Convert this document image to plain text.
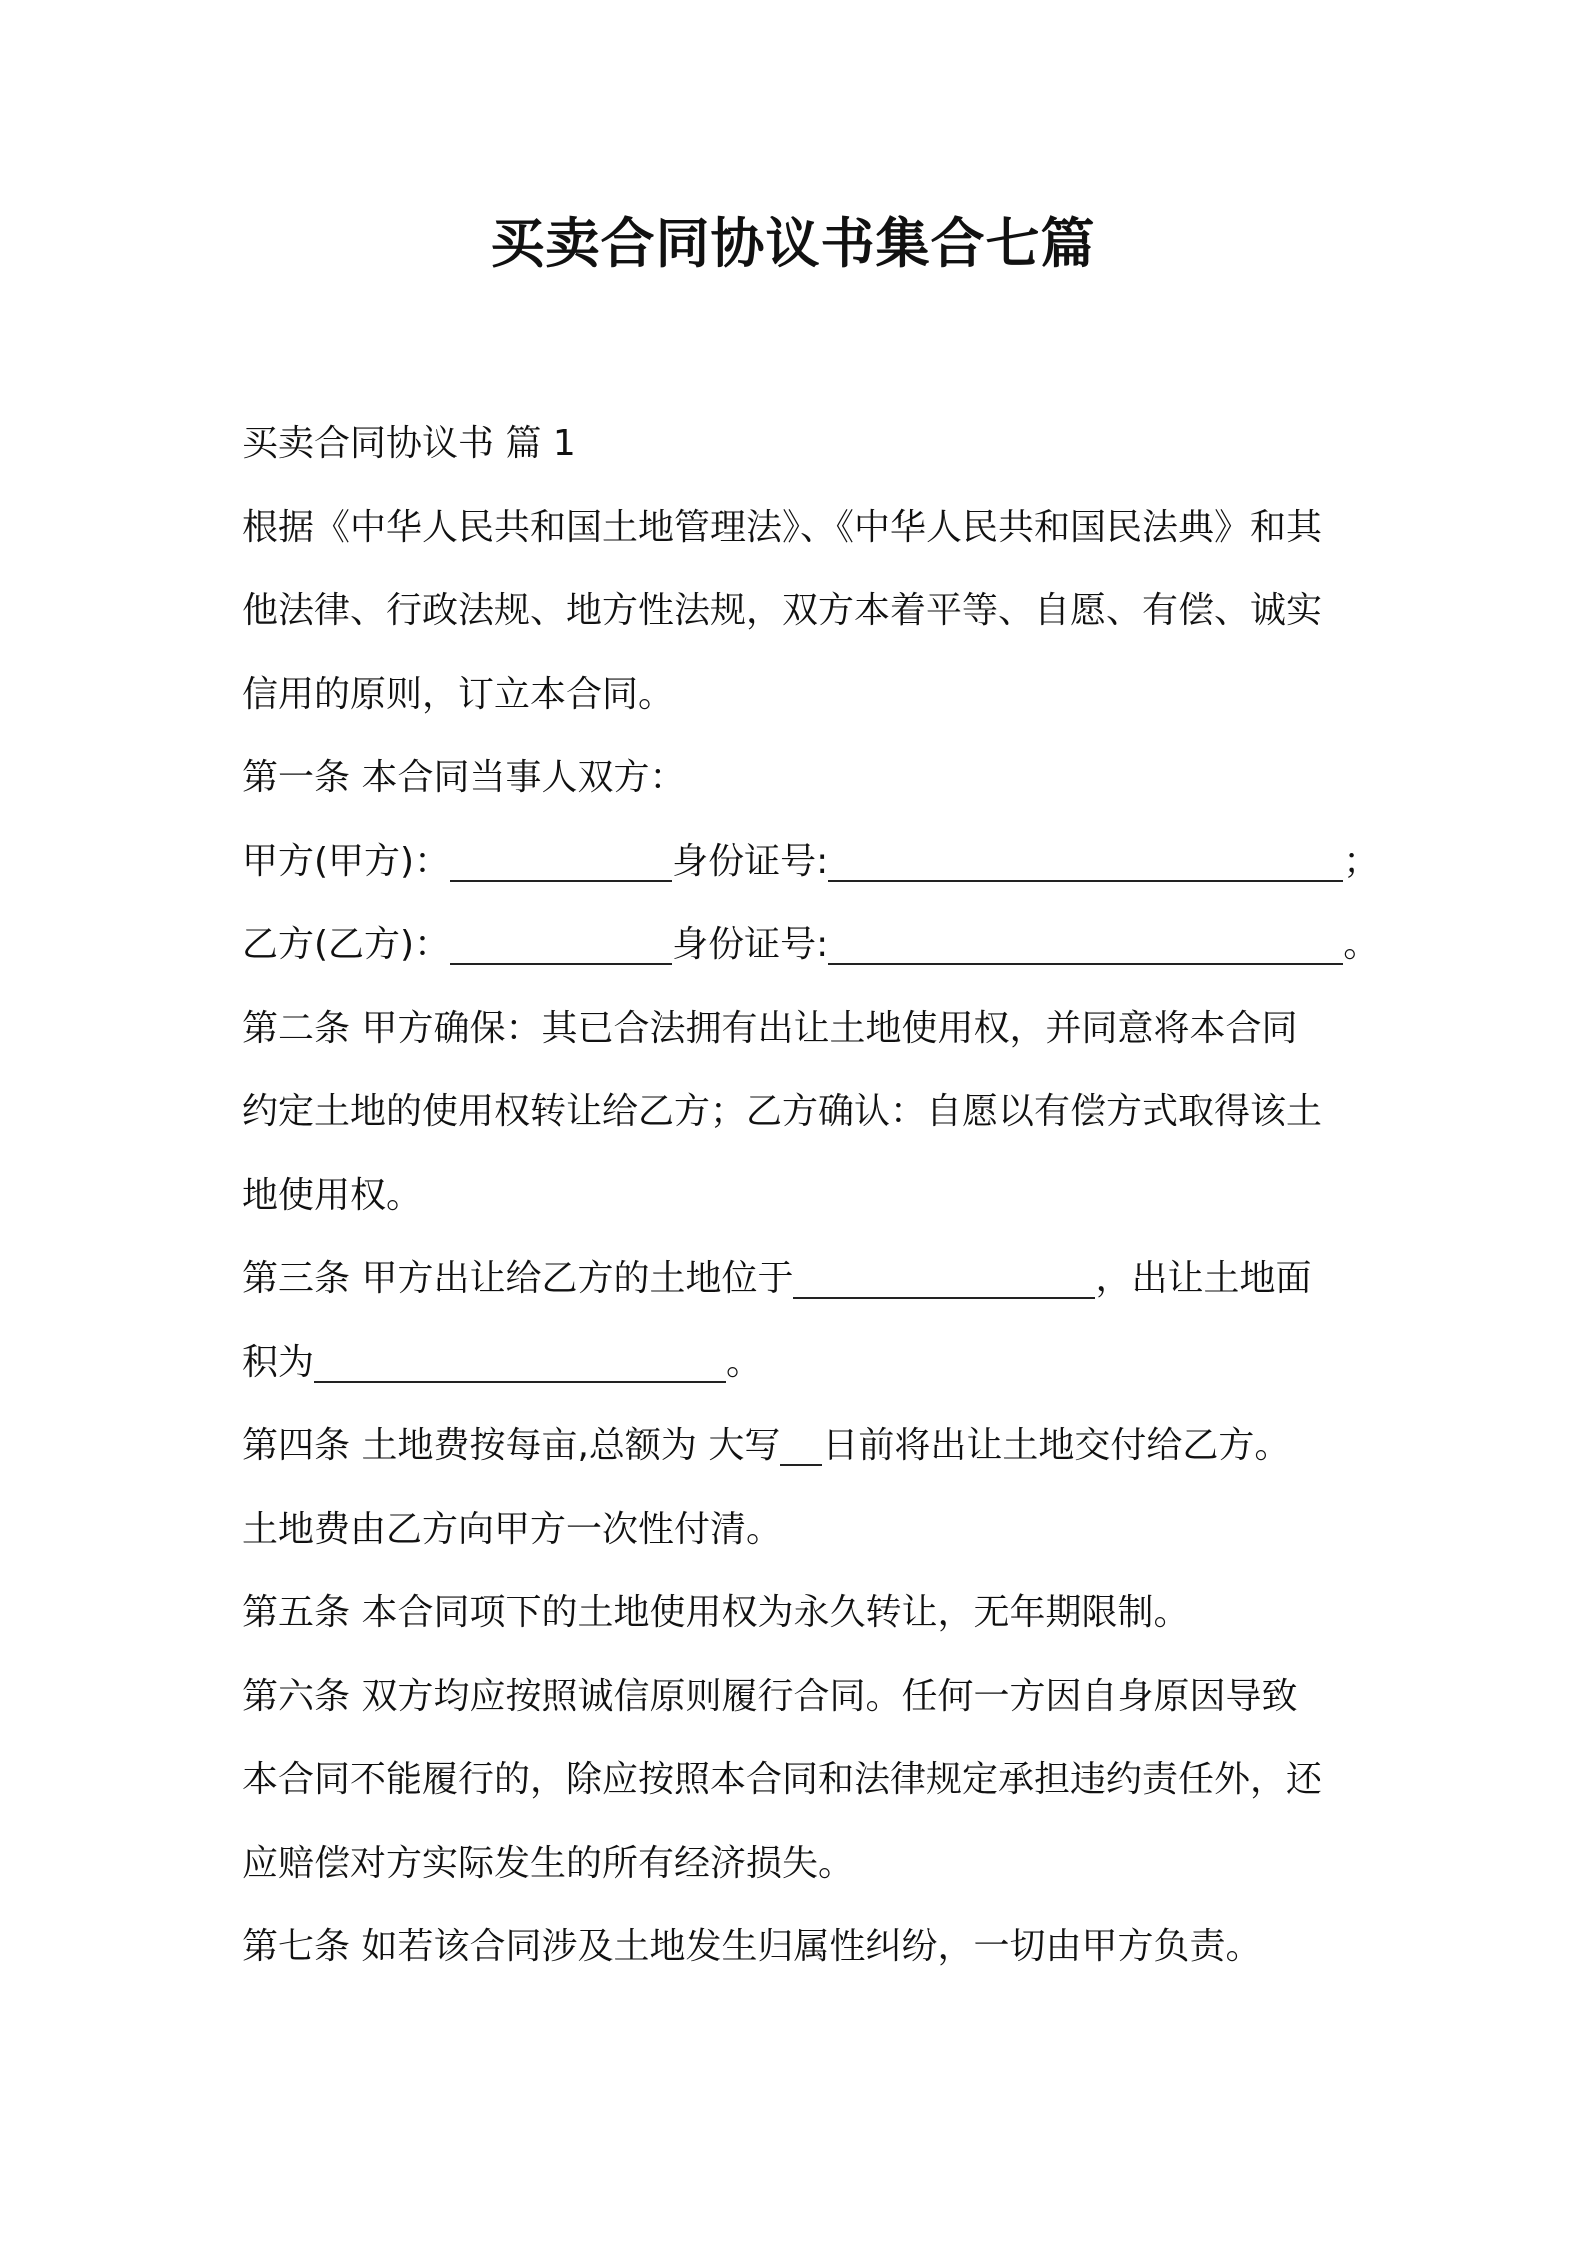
买卖合同协议书集合七篇
买卖合同协议书 篇 1
根据《中华人民共和国土地管理法》、《中华人民共和国民法典》和其
他法律、行政法规、地方性法规，双方本着平等、自愿、有偿、诚实
信用的原则，订立本合同。
第一条 本合同当事人双方：
甲方(甲方)：	身份证号:	；
乙方(乙方)：	身份证号:	。
第二条 甲方确保：其已合法拥有出让土地使用权，并同意将本合同
约定土地的使用权转让给乙方；乙方确认：自愿以有偿方式取得该土
地使用权。
第三条 甲方出让给乙方的土地位于	，出让土地面
积为	。
第四条 土地费按每亩,总额为 大写 日前将出让土地交付给乙方。
土地费由乙方向甲方一次性付清。
第五条 本合同项下的土地使用权为永久转让，无年期限制。
第六条 双方均应按照诚信原则履行合同。任何一方因自身原因导致
本合同不能履行的，除应按照本合同和法律规定承担违约责任外，还
应赔偿对方实际发生的所有经济损失。
第七条 如若该合同涉及土地发生归属性纠纷，一切由甲方负责。
